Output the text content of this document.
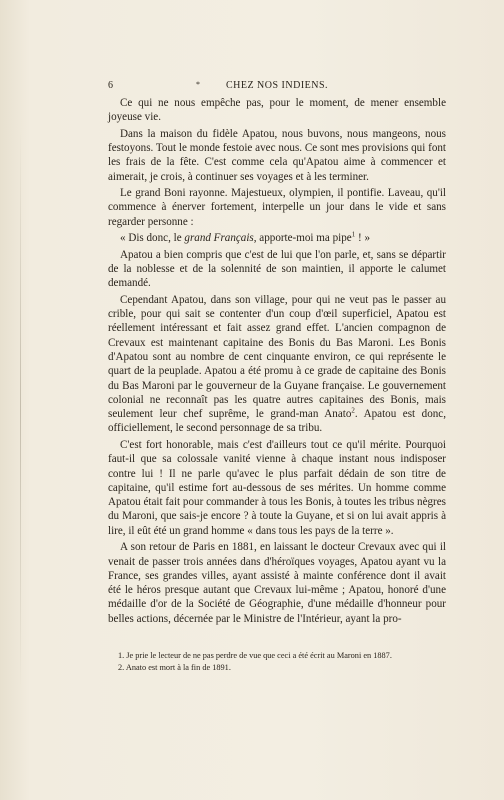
6	*	CHEZ NOS INDIENS.

Ce qui ne nous empêche pas, pour le moment, de mener ensemble joyeuse vie.

Dans la maison du fidèle Apatou, nous buvons, nous mangeons, nous festoyons. Tout le monde festoie avec nous. Ce sont mes provisions qui font les frais de la fête. C'est comme cela qu'Apatou aime à commencer et aimerait, je crois, à continuer ses voyages et à les terminer.

Le grand Boni rayonne. Majestueux, olympien, il pontifie. Laveau, qu'il commence à énerver fortement, interpelle un jour dans le vide et sans regarder personne :

« Dis donc, le grand Français, apporte-moi ma pipe$^1$ ! »

Apatou a bien compris que c'est de lui que l'on parle, et, sans se départir de la noblesse et de la solennité de son maintien, il apporte le calumet demandé.

Cependant Apatou, dans son village, pour qui ne veut pas le passer au crible, pour qui sait se contenter d'un coup d'œil superficiel, Apatou est réellement intéressant et fait assez grand effet. L'ancien compagnon de Crevaux est maintenant capitaine des Bonis du Bas Maroni. Les Bonis d'Apatou sont au nombre de cent cinquante environ, ce qui représente le quart de la peuplade. Apatou a été promu à ce grade de capitaine des Bonis du Bas Maroni par le gouverneur de la Guyane française. Le gouvernement colonial ne reconnaît pas les quatre autres capitaines des Bonis, mais seulement leur chef suprême, le grand-man Anato$^2$. Apatou est donc, officiellement, le second personnage de sa tribu.

C'est fort honorable, mais c'est d'ailleurs tout ce qu'il mérite. Pourquoi faut-il que sa colossale vanité vienne à chaque instant nous indisposer contre lui ! Il ne parle qu'avec le plus parfait dédain de son titre de capitaine, qu'il estime fort au-dessous de ses mérites. Un homme comme Apatou était fait pour commander à tous les Bonis, à toutes les tribus nègres du Maroni, que sais-je encore ? à toute la Guyane, et si on lui avait appris à lire, il eût été un grand homme « dans tous les pays de la terre ».

A son retour de Paris en 1881, en laissant le docteur Crevaux avec qui il venait de passer trois années dans d'héroïques voyages, Apatou ayant vu la France, ses grandes villes, ayant assisté à mainte conférence dont il avait été le héros presque autant que Crevaux lui-même ; Apatou, honoré d'une médaille d'or de la Société de Géographie, d'une médaille d'honneur pour belles actions, décernée par le Ministre de l'Intérieur, ayant la pro-

1. Je prie le lecteur de ne pas perdre de vue que ceci a été écrit au Maroni en 1887.

2. Anato est mort à la fin de 1891.
